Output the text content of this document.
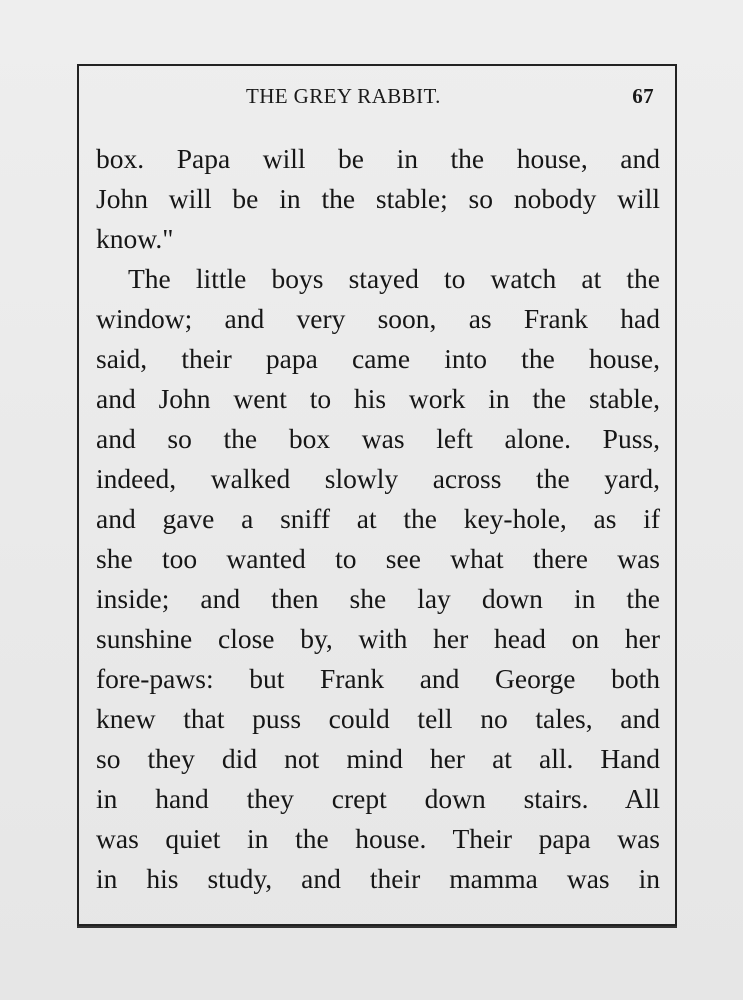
THE GREY RABBIT.	67
box. Papa will be in the house, and
John will be in the stable; so nobody will
know."
The little boys stayed to watch at the
window; and very soon, as Frank had
said, their papa came into the house,
and John went to his work in the stable,
and so the box was left alone. Puss,
indeed, walked slowly across the yard,
and gave a sniff at the key-hole, as if
she too wanted to see what there was
inside; and then she lay down in the
sunshine close by, with her head on her
fore-paws: but Frank and George both
knew that puss could tell no tales, and
so they did not mind her at all. Hand
in hand they crept down stairs. All
was quiet in the house. Their papa was
in his study, and their mamma was in
